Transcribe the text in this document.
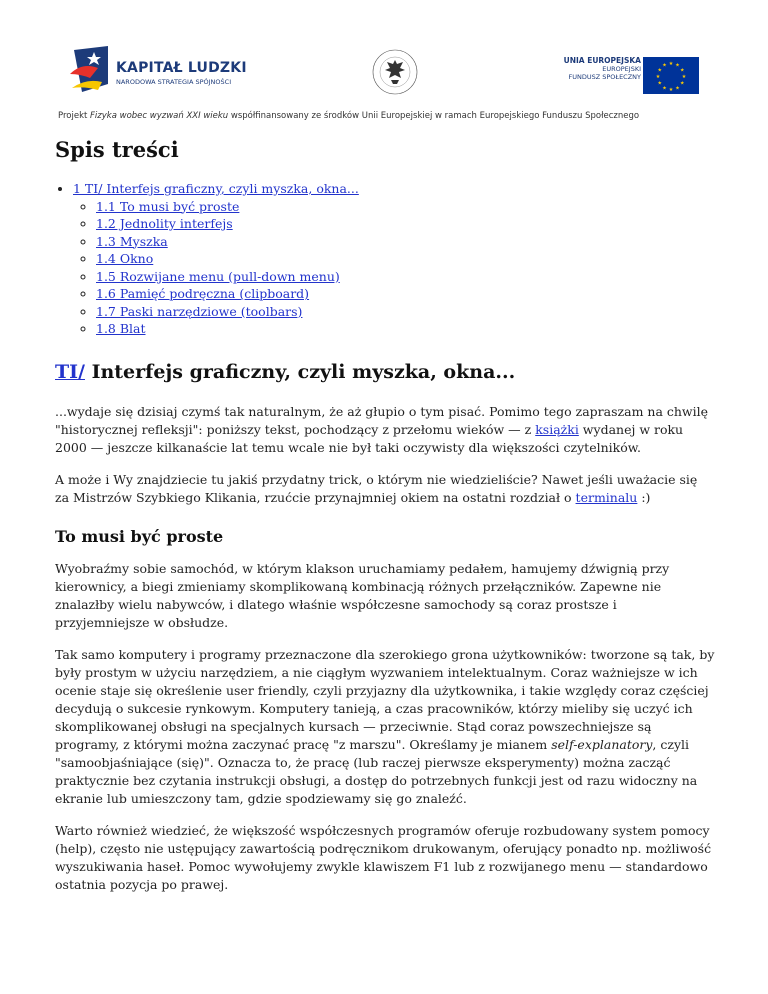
KAPITAŁ LUDZKI
NARODOWA STRATEGIA SPÓJNOŚCI
UNIA EUROPEJSKA
EUROPEJSKI
FUNDUSZ SPOŁECZNY
★ ★
★
★
★
★
★
★
★
★
★
★
Projekt Fizyka wobec wyzwań XXI wieku współfinansowany ze środków Unii Europejskiej w ramach Europejskiego Funduszu Społecznego
Spis treści
• 1 TI/ Interfejs graficzny, czyli myszka, okna...
◦ 1.1 To musi być proste
◦ 1.2 Jednolity interfejs
◦ 1.3 Myszka
◦ 1.4 Okno
◦ 1.5 Rozwijane menu (pull-down menu)
◦ 1.6 Pamięć podręczna (clipboard)
◦ 1.7 Paski narzędziowe (toolbars)
◦ 1.8 Blat
TI/ Interfejs graficzny, czyli myszka, okna...

...wydaje się dzisiaj czymś tak naturalnym, że aż głupio o tym pisać. Pomimo tego zapraszam na chwilę "historycznej refleksji": poniższy tekst, pochodzący z przełomu wieków — z książki wydanej w roku 2000 — jeszcze kilkanaście lat temu wcale nie był taki oczywisty dla większości czytelników.

A może i Wy znajdziecie tu jakiś przydatny trick, o którym nie wiedzieliście? Nawet jeśli uważacie się za Mistrzów Szybkiego Klikania, rzućcie przynajmniej okiem na ostatni rozdział o terminalu :)

To musi być proste

Wyobraźmy sobie samochód, w którym klakson uruchamiamy pedałem, hamujemy dźwignią przy kierownicy, a biegi zmieniamy skomplikowaną kombinacją różnych przełączników. Zapewne nie znalazłby wielu nabywców, i dlatego właśnie współczesne samochody są coraz prostsze i przyjemniejsze w obsłudze.

Tak samo komputery i programy przeznaczone dla szerokiego grona użytkowników: tworzone są tak, by były prostym w użyciu narzędziem, a nie ciągłym wyzwaniem intelektualnym. Coraz ważniejsze w ich ocenie staje się określenie user friendly, czyli przyjazny dla użytkownika, i takie względy coraz częściej decydują o sukcesie rynkowym. Komputery tanieją, a czas pracowników, którzy mieliby się uczyć ich skomplikowanej obsługi na specjalnych kursach — przeciwnie. Stąd coraz powszechniejsze są programy, z którymi można zaczynać pracę "z marszu". Określamy je mianem self-explanatory, czyli "samoobjaśniające (się)". Oznacza to, że pracę (lub raczej pierwsze eksperymenty) można zacząć praktycznie bez czytania instrukcji obsługi, a dostęp do potrzebnych funkcji jest od razu widoczny na ekranie lub umieszczony tam, gdzie spodziewamy się go znaleźć.

Warto również wiedzieć, że większość współczesnych programów oferuje rozbudowany system pomocy (help), często nie ustępujący zawartością podręcznikom drukowanym, oferujący ponadto np. możliwość wyszukiwania haseł. Pomoc wywołujemy zwykle klawiszem F1 lub z rozwijanego menu — standardowo ostatnia pozycja po prawej.
